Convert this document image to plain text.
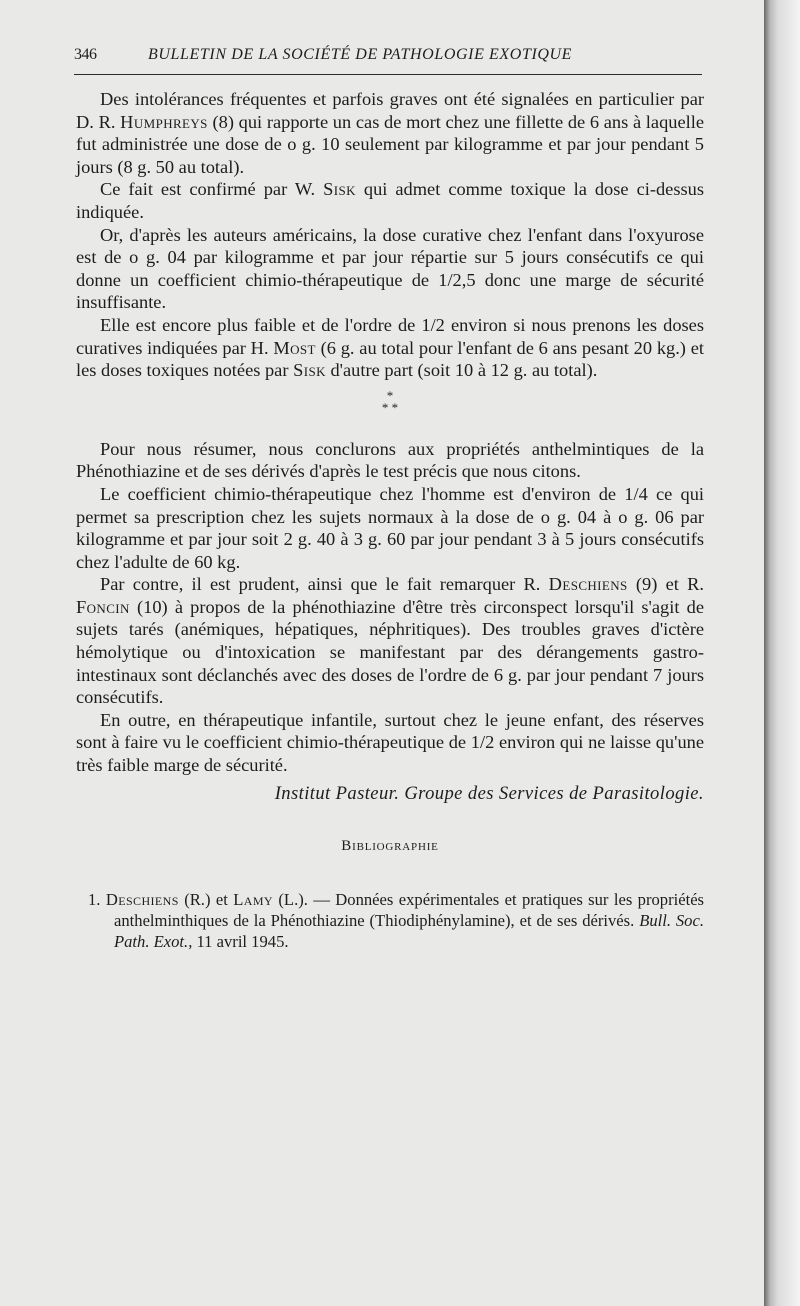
346	BULLETIN DE LA SOCIÉTÉ DE PATHOLOGIE EXOTIQUE

Des intolérances fréquentes et parfois graves ont été signalées en particulier par D. R. Humphreys (8) qui rapporte un cas de mort chez une fillette de 6 ans à laquelle fut administrée une dose de o g. 10 seulement par kilogramme et par jour pendant 5 jours (8 g. 50 au total).

Ce fait est confirmé par W. Sisk qui admet comme toxique la dose ci-dessus indiquée.

Or, d'après les auteurs américains, la dose curative chez l'enfant dans l'oxyurose est de o g. 04 par kilogramme et par jour répartie sur 5 jours consécutifs ce qui donne un coefficient chimio-thérapeutique de 1/2,5 donc une marge de sécurité insuffisante.

Elle est encore plus faible et de l'ordre de 1/2 environ si nous prenons les doses curatives indiquées par H. Most (6 g. au total pour l'enfant de 6 ans pesant 20 kg.) et les doses toxiques notées par Sisk d'autre part (soit 10 à 12 g. au total).

*
* *

Pour nous résumer, nous conclurons aux propriétés anthelmintiques de la Phénothiazine et de ses dérivés d'après le test précis que nous citons.

Le coefficient chimio-thérapeutique chez l'homme est d'environ de 1/4 ce qui permet sa prescription chez les sujets normaux à la dose de o g. 04 à o g. 06 par kilogramme et par jour soit 2 g. 40 à 3 g. 60 par jour pendant 3 à 5 jours consécutifs chez l'adulte de 60 kg.

Par contre, il est prudent, ainsi que le fait remarquer R. Deschiens (9) et R. Foncin (10) à propos de la phénothiazine d'être très circonspect lorsqu'il s'agit de sujets tarés (anémiques, hépatiques, néphritiques). Des troubles graves d'ictère hémolytique ou d'intoxication se manifestant par des dérangements gastro-intestinaux sont déclanchés avec des doses de l'ordre de 6 g. par jour pendant 7 jours consécutifs.

En outre, en thérapeutique infantile, surtout chez le jeune enfant, des réserves sont à faire vu le coefficient chimio-thérapeutique de 1/2 environ qui ne laisse qu'une très faible marge de sécurité.

Institut Pasteur. Groupe des Services de Parasitologie.
Bibliographie
1. Deschiens (R.) et Lamy (L.). — Données expérimentales et pratiques sur les propriétés anthelminthiques de la Phénothiazine (Thiodiphénylamine), et de ses dérivés. Bull. Soc. Path. Exot., 11 avril 1945.
